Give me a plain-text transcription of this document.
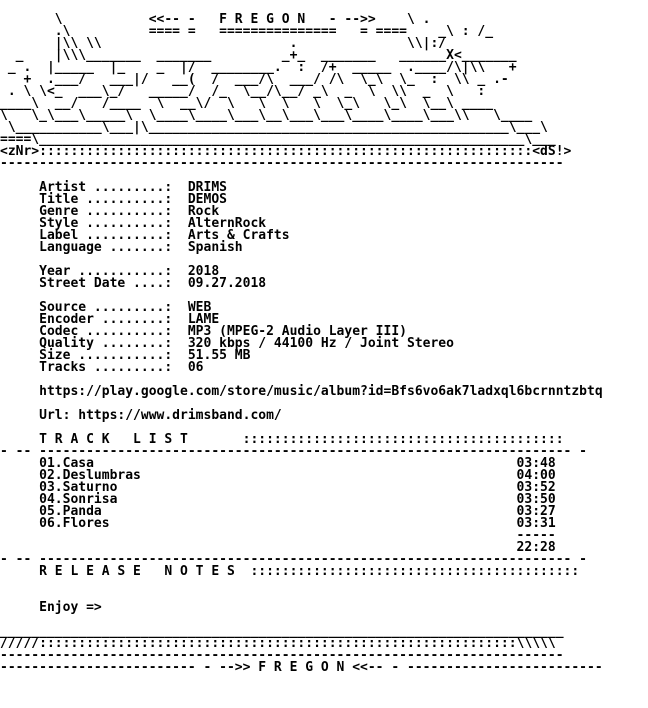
\           <<-- -   F R E G O N   - -->>    \ .
.\          ==== =   ===============   = ====    _\ : /_
|\\ \\                        .              \\|:/
_    |\\\_______  _______         _+_  _______   ______X<_______
_ .  |_____  |_    _  |/  ________.  :  /+  _____  .____/\|\\   +
+  .___/   ___|/   __(  /  ___/\  ___/ /\  \_\  \_  :  \\ _ .-
. \ \<_  ___\_/   _____/  /_  \__/\__/ _\  _  \  \\  _  \   :
____\  __/   /____  \  __\/  \   \  \   \  \_\   \_\  \__\ ____
\   \_\___\_____\  \____\____\___\__\___\___\____\____\___\\   \____
\___________\___|\______________________________________________\___\
====\______________________________________________________________\___
<zNr>:::::::::::::::::::::::::::::::::::::::::::::::::::::::::::::::<dS!>
------------------------------------------------------------------------
Artist .........:  DRIMS
Title ..........:  DEMOS
Genre ..........:  Rock
Style ..........:  AlternRock
Label ..........:  Arts & Crafts
Language .......:  Spanish
Year ...........:  2018
Street Date ....:  09.27.2018
Source .........:  WEB
Encoder ........:  LAME
Codec ..........:  MP3 (MPEG-2 Audio Layer III)
Quality ........:  320 kbps / 44100 Hz / Joint Stereo
Size ...........:  51.55 MB
Tracks .........:  06
https://play.google.com/store/music/album?id=Bfs6vo6ak7ladxql6bcrnntzbtq
Url: https://www.drimsband.com/
T R A C K   L I S T       :::::::::::::::::::::::::::::::::::::::::
- -- -------------------------------------------------------------------- -
01.Casa                                                      03:48
02.Deslumbras                                                04:00
03.Saturno                                                   03:52
04.Sonrisa                                                   03:50
05.Panda                                                     03:27
06.Flores                                                    03:31
-----
22:28
- -- -------------------------------------------------------------------- -
R E L E A S E   N O T E S  ::::::::::::::::::::::::::::::::::::::::::
Enjoy =>
________________________________________________________________________
/////:::::::::::::::::::::::::::::::::::::::::::::::::::::::::::::\\\\\
------------------------------------------------------------------------
------------------------- - -->> F R E G O N <<-- - -------------------------
